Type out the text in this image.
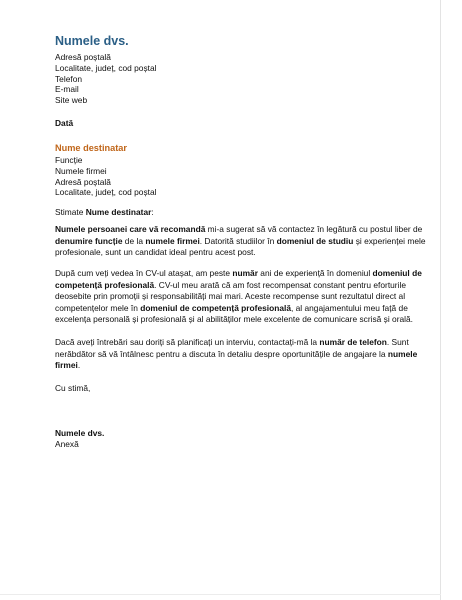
Numele dvs.
Adresă poștală
Localitate, județ, cod poștal
Telefon
E-mail
Site web
Dată
Nume destinatar
Funcție
Numele firmei
Adresă poștală
Localitate, județ, cod poștal
Stimate Nume destinatar:
Numele persoanei care vă recomandă mi-a sugerat să vă contactez în legătură cu postul liber de denumire funcție de la numele firmei. Datorită studiilor în domeniul de studiu și experienței mele profesionale, sunt un candidat ideal pentru acest post.
După cum veți vedea în CV-ul atașat, am peste număr ani de experiență în domeniul domeniul de competență profesională. CV-ul meu arată că am fost recompensat constant pentru eforturile deosebite prin promoții și responsabilități mai mari. Aceste recompense sunt rezultatul direct al competențelor mele în domeniul de competență profesională, al angajamentului meu față de excelența personală și profesională și al abilităților mele excelente de comunicare scrisă și orală.
Dacă aveți întrebări sau doriți să planificați un interviu, contactați-mă la număr de telefon. Sunt nerăbdător să vă întâlnesc pentru a discuta în detaliu despre oportunitățile de angajare la numele firmei.
Cu stimă,
Numele dvs.
Anexă
